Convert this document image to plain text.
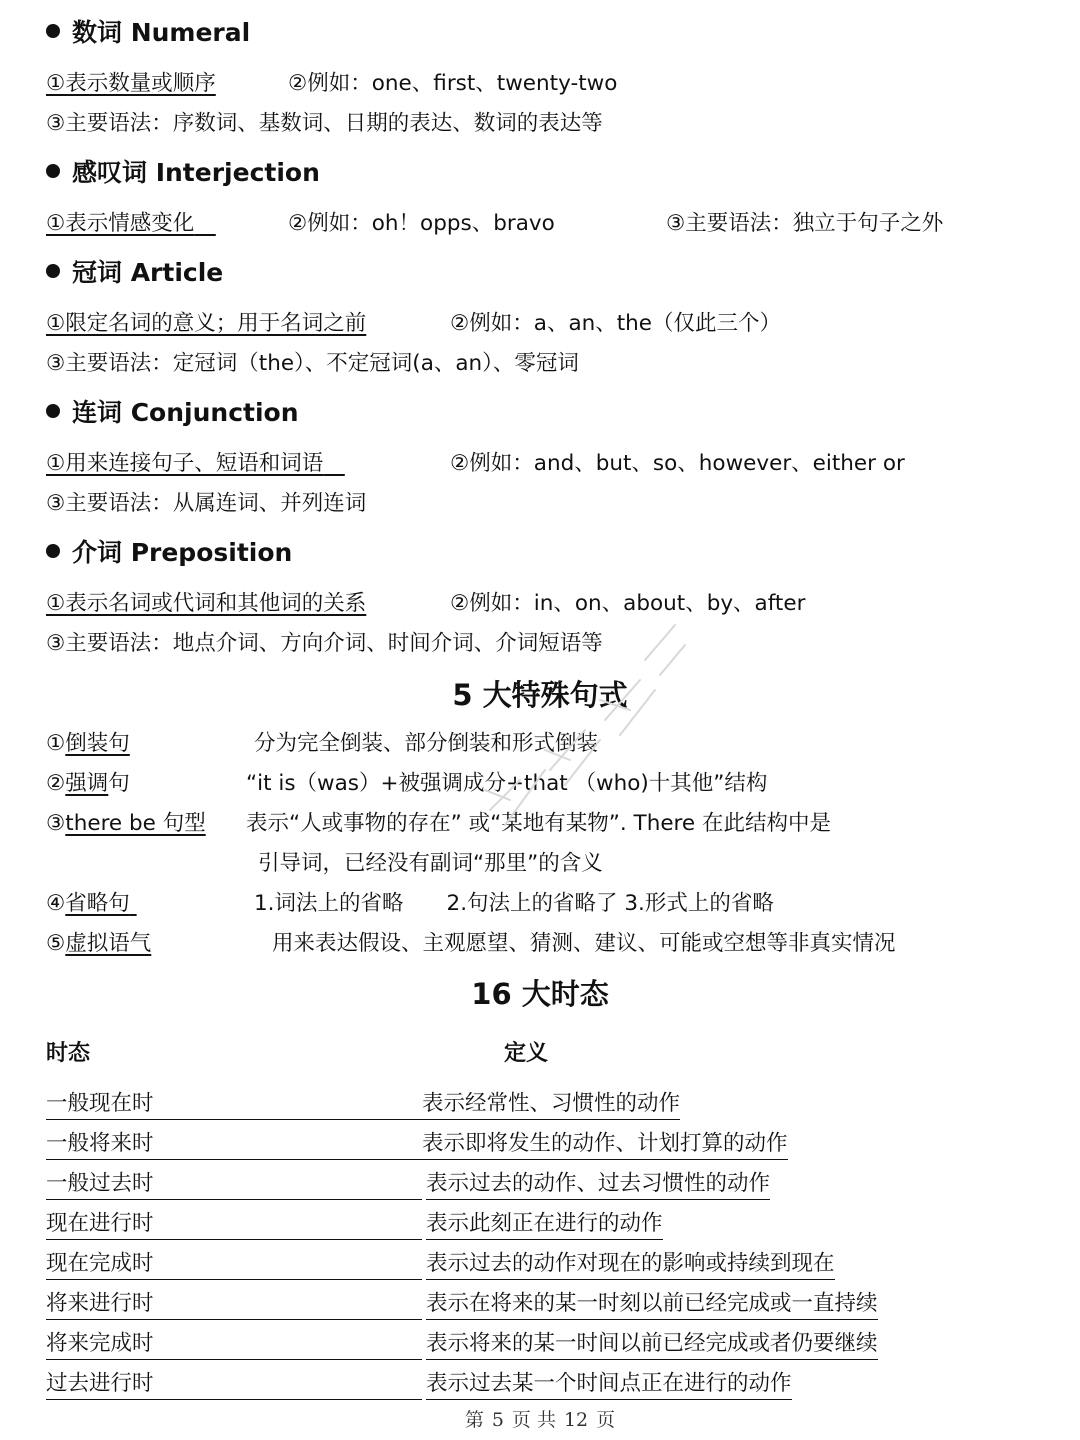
数词 Numeral
①表示数量或顺序	②例如：one、first、twenty-two
③主要语法：序数词、基数词、日期的表达、数词的表达等
感叹词 Interjection
①表示情感变化 	②例如：oh！opps、bravo	③主要语法：独立于句子之外
冠词 Article
①限定名词的意义；用于名词之前	②例如：a、an、the（仅此三个）
③主要语法：定冠词（the）、不定冠词(a、an）、零冠词
连词 Conjunction
①用来连接句子、短语和词语 	②例如：and、but、so、however、either or
③主要语法：从属连词、并列连词
介词 Preposition
①表示名词或代词和其他词的关系	②例如：in、on、about、by、after
③主要语法：地点介词、方向介词、时间介词、介词短语等
5 大特殊句式
①倒装句	分为完全倒装、部分倒装和形式倒装
②强调句	“it is（was）+被强调成分+that （who)十其他”结构
③there be 句型 表示“人或事物的存在” 或“某地有某物”. There 在此结构中是
引导词，已经没有副词“那里”的含义
④省略句 	1.词法上的省略　　2.句法上的省略了 3.形式上的省略
⑤虚拟语气	用来表达假设、主观愿望、猜测、建议、可能或空想等非真实情况
16 大时态
时态	定义
一般现在时	表示经常性、习惯性的动作
一般将来时	表示即将发生的动作、计划打算的动作
一般过去时	表示过去的动作、过去习惯性的动作
现在进行时	表示此刻正在进行的动作
现在完成时	表示过去的动作对现在的影响或持续到现在
将来进行时	表示在将来的某一时刻以前已经完成或一直持续
将来完成时	表示将来的某一时间以前已经完成或者仍要继续
过去进行时	表示过去某一个时间点正在进行的动作
第 5 页 共 12 页
